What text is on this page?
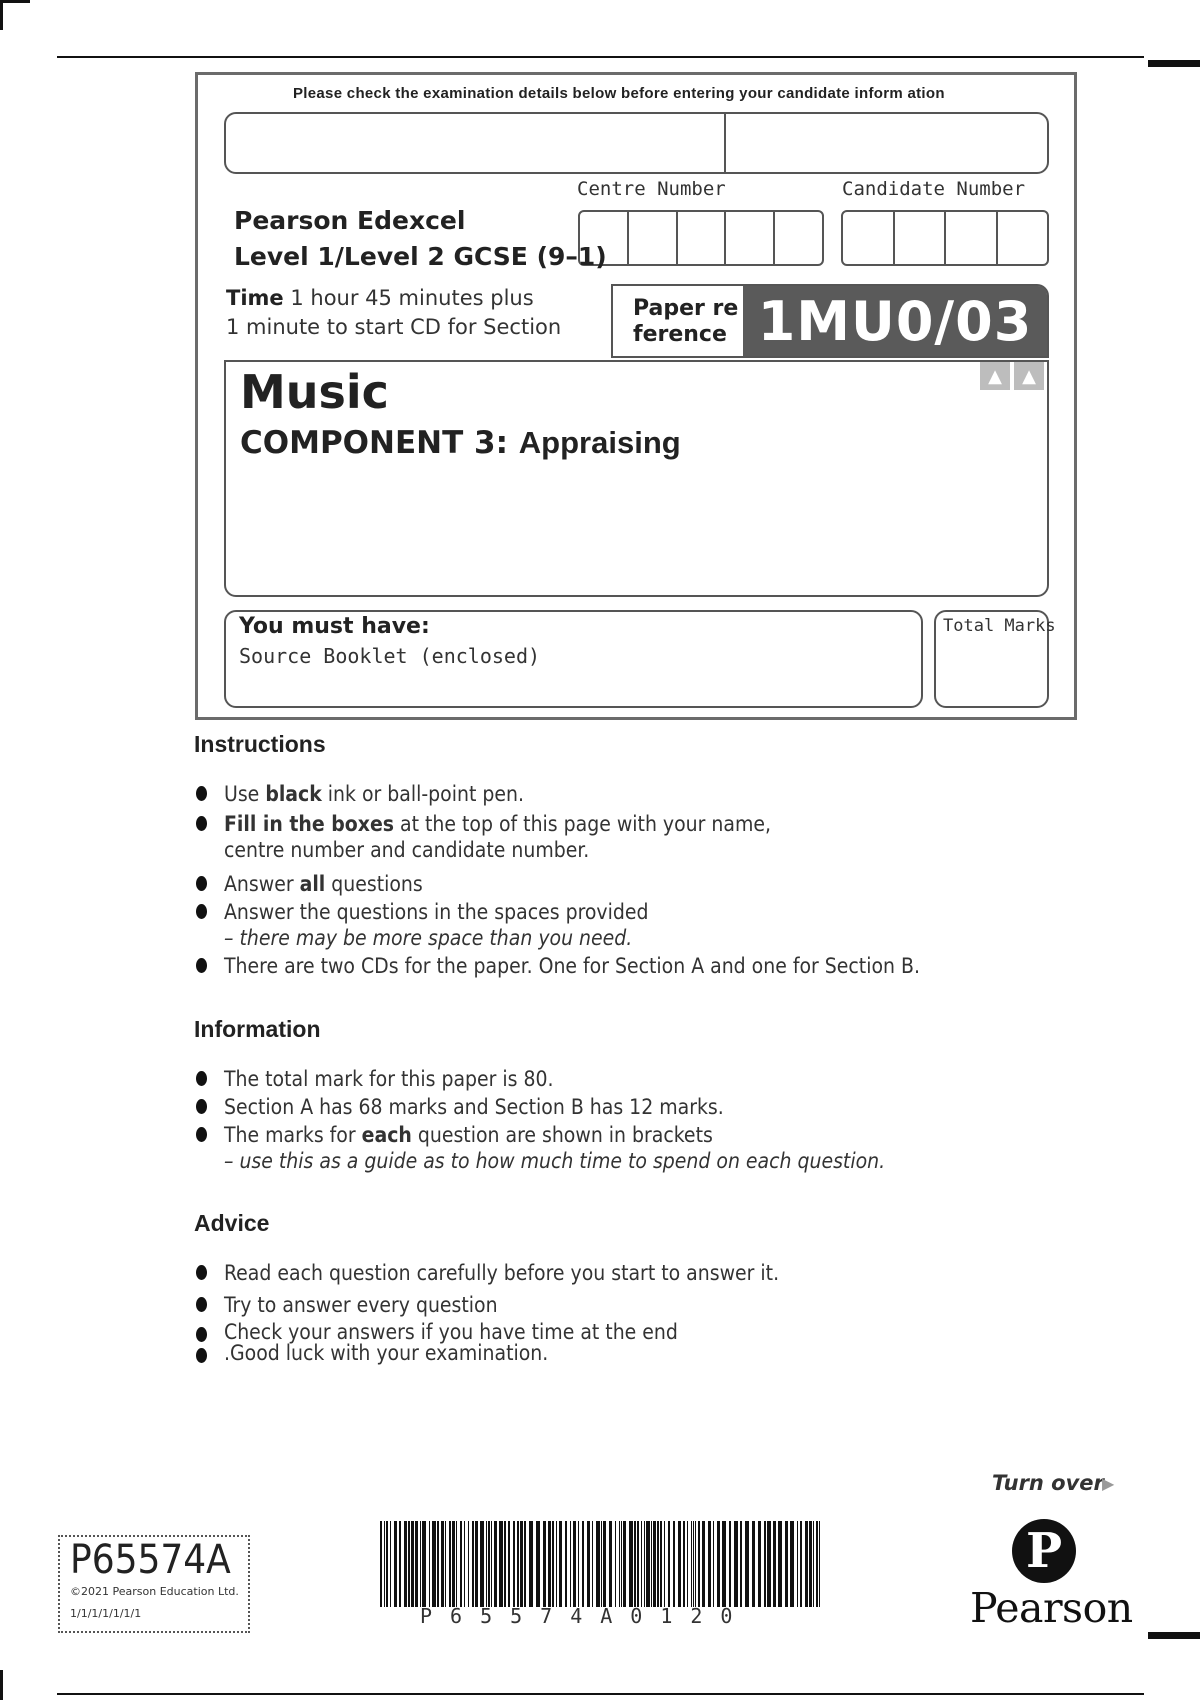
Please check the examination details below before entering your candidate inform ation
Centre Number	Candidate Number
Pearson Edexcel
Level 1/Level 2 GCSE (9–1)
Time 1 hour 45 minutes plus
1 minute to start CD for Section
Paper re
ference 1MU0/03
▲	▲
Music
COMPONENT 3: Appraising
You must have:
Source Booklet (enclosed)
Total Marks
Instructions
Use black ink or ball-point pen.
Fill in the boxes at the top of this page with your name,
centre number and candidate number.
Answer all questions
Answer the questions in the spaces provided
– there may be more space than you need.
There are two CDs for the paper. One for Section A and one for Section B.
Information
The total mark for this paper is 80.
Section A has 68 marks and Section B has 12 marks.
The marks for each question are shown in brackets
– use this as a guide as to how much time to spend on each question.
Advice
Read each question carefully before you start to answer it.
Try to answer every question
Check your answers if you have time at the end
.Good luck with your examination.
Turn over
▶
P65574A
©2021 Pearson Education Ltd.
1/1/1/1/1/1/1	P65574A0120
P
Pearson
